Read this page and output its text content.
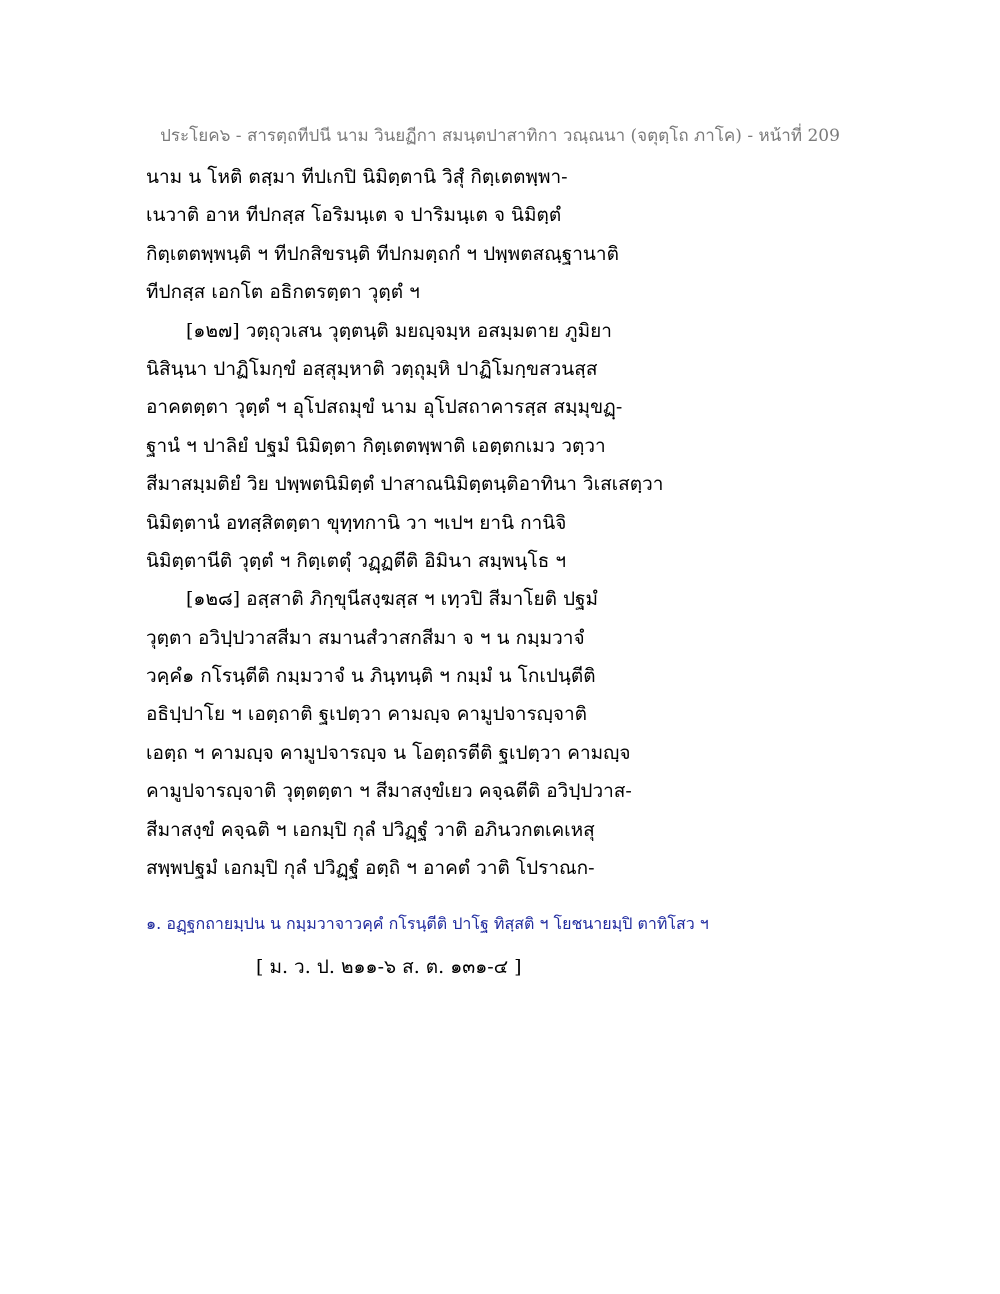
ประโยค๖ - สารตฺถทีปนี นาม วินยฏีกา สมนฺตปาสาทิกา วณฺณนา (จตุตฺโถ ภาโค) - หน้าที่ 209
นาม น โหติ ตสฺมา ทีปเกปิ นิมิตฺตานิ วิสุํ กิตฺเตตพฺพา-
เนวาติ อาห ทีปกสฺส โอริมนฺเต จ ปาริมนฺเต จ นิมิตฺตํ
กิตฺเตตพฺพนฺติ ฯ ทีปกสิขรนฺติ ทีปกมตฺถกํ ฯ ปพฺพตสณฺฐานาติ
ทีปกสฺส เอกโต อธิกตรตฺตา วุตฺตํ ฯ
[๑๒๗] วตฺถุวเสน วุตฺตนฺติ มยญฺจมฺห อสมฺมตาย ภูมิยา
นิสินฺนา ปาฏิโมกฺขํ อสฺสุมฺหาติ วตฺถุมฺหิ ปาฏิโมกฺขสวนสฺส
อาคตตฺตา วุตฺตํ ฯ อุโปสถมุขํ นาม อุโปสถาคารสฺส สมฺมุขฏฺ-
ฐานํ ฯ ปาลิยํ ปฐมํ นิมิตฺตา กิตฺเตตพฺพาติ เอตฺตกเมว วตฺวา
สีมาสมฺมติยํ วิย ปพฺพตนิมิตฺตํ ปาสาณนิมิตฺตนฺติอาทินา วิเสเสตฺวา
นิมิตฺตานํ อทสฺสิตตฺตา ขุทฺทกานิ วา ฯเปฯ ยานิ กานิจิ
นิมิตฺตานีติ วุตฺตํ ฯ กิตฺเตตุํ วฏฺฏตีติ อิมินา สมฺพนฺโธ ฯ
[๑๒๘] อสฺสาติ ภิกฺขุนีสงฺฆสฺส ฯ เทฺวปิ สีมาโยติ ปฐมํ
วุตฺตา อวิปฺปวาสสีมา สมานสํวาสกสีมา จ ฯ น กมฺมวาจํ
วคฺคํ๑ กโรนฺตีติ กมฺมวาจํ น ภินฺทนฺติ ฯ กมฺมํ น โกเปนฺตีติ
อธิปฺปาโย ฯ เอตฺถาติ ฐเปตฺวา คามญฺจ คามูปจารญฺจาติ
เอตฺถ ฯ คามญฺจ คามูปจารญฺจ น โอตฺถรตีติ ฐเปตฺวา คามญฺจ
คามูปจารญฺจาติ วุตฺตตฺตา ฯ สีมาสงฺขํเยว คจฺฉตีติ อวิปฺปวาส-
สีมาสงฺขํ คจฺฉติ ฯ เอกมฺปิ กุลํ ปวิฏฺฐํ วาติ อภินวกตเคเหสุ
สพฺพปฐมํ เอกมฺปิ กุลํ ปวิฏฺฐํ อตฺถิ ฯ อาคตํ วาติ โปราณก-
๑. อฏฺฐกถายมฺปน น กมฺมวาจาวคฺคํ กโรนฺตีติ ปาโฐ ทิสฺสติ ฯ โยชนายมฺปิ ตาทิโสว ฯ
[ ม. ว. ป. ๒๑๑-๖ ส. ต. ๑๓๑-๔ ]
